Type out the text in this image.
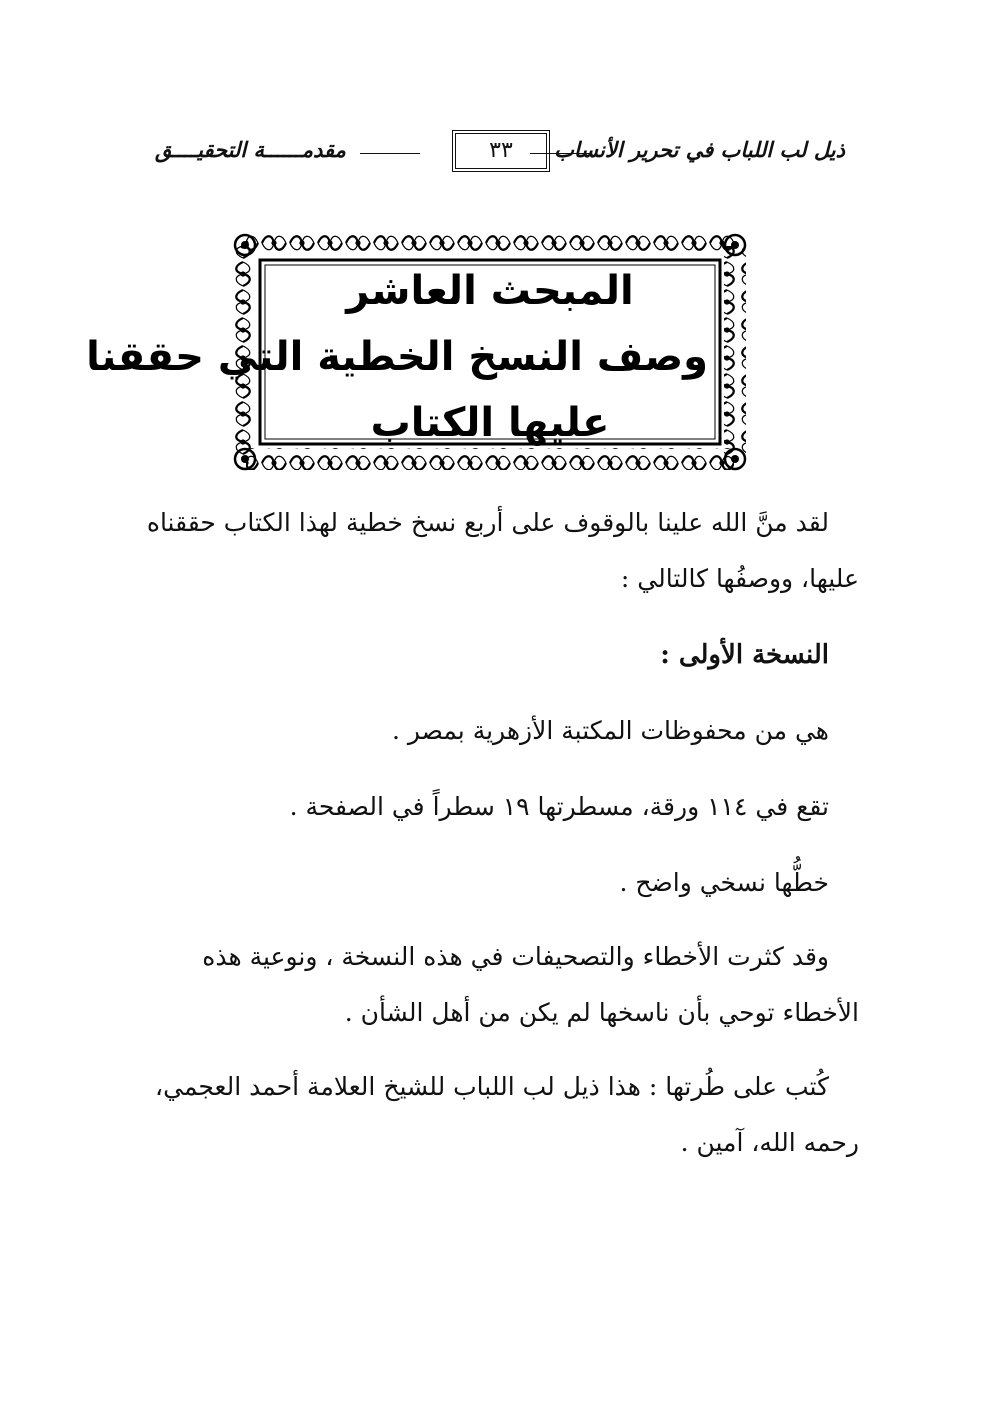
ذيل لب اللباب في تحرير الأنساب
٣٣
مقدمــــــة التحقيــــق
المبحث العاشر
وصف النسخ الخطية التي حققنا
عليها الكتاب

لقد منَّ الله علينا بالوقوف على أربع نسخ خطية لهذا الكتاب حققناه عليها، ووصفُها كالتالي :

النسخة الأولى :
هي من محفوظات المكتبة الأزهرية بمصر .
تقع في ١١٤ ورقة، مسطرتها ١٩ سطراً في الصفحة .
خطُّها نسخي واضح .

وقد كثرت الأخطاء والتصحيفات في هذه النسخة ، ونوعية هذه الأخطاء توحي بأن ناسخها لم يكن من أهل الشأن .

كُتب على طُرتها : هذا ذيل لب اللباب للشيخ العلامة أحمد العجمي، رحمه الله، آمين .
